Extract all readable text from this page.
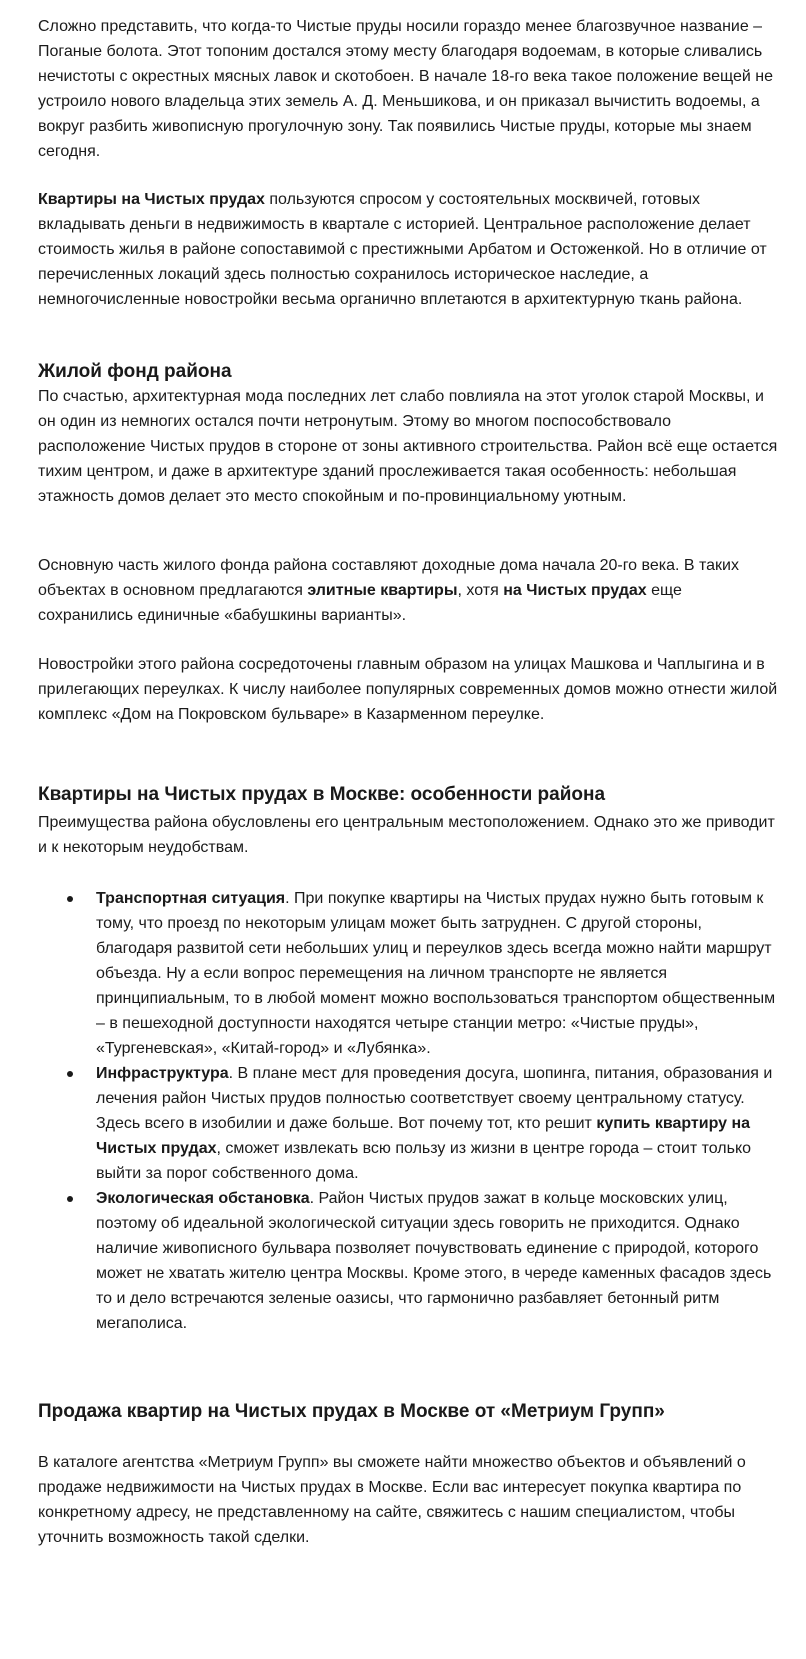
Сложно представить, что когда-то Чистые пруды носили гораздо менее благозвучное название – Поганые болота. Этот топоним достался этому месту благодаря водоемам, в которые сливались нечистоты с окрестных мясных лавок и скотобоен. В начале 18-го века такое положение вещей не устроило нового владельца этих земель А. Д. Меньшикова, и он приказал вычистить водоемы, а вокруг разбить живописную прогулочную зону. Так появились Чистые пруды, которые мы знаем сегодня.

Квартиры на Чистых прудах пользуются спросом у состоятельных москвичей, готовых вкладывать деньги в недвижимость в квартале с историей. Центральное расположение делает стоимость жилья в районе сопоставимой с престижными Арбатом и Остоженкой. Но в отличие от перечисленных локаций здесь полностью сохранилось историческое наследие, а немногочисленные новостройки весьма органично вплетаются в архитектурную ткань района.

Жилой фонд района

По счастью, архитектурная мода последних лет слабо повлияла на этот уголок старой Москвы, и он один из немногих остался почти нетронутым. Этому во многом поспособствовало расположение Чистых прудов в стороне от зоны активного строительства. Район всё еще остается тихим центром, и даже в архитектуре зданий прослеживается такая особенность: небольшая этажность домов делает это место спокойным и по-провинциальному уютным.

Основную часть жилого фонда района составляют доходные дома начала 20-го века. В таких объектах в основном предлагаются элитные квартиры, хотя на Чистых прудах еще сохранились единичные «бабушкины варианты».

Новостройки этого района сосредоточены главным образом на улицах Машкова и Чаплыгина и в прилегающих переулках. К числу наиболее популярных современных домов можно отнести жилой комплекс «Дом на Покровском бульваре» в Казарменном переулке.

Квартиры на Чистых прудах в Москве: особенности района

Преимущества района обусловлены его центральным местоположением. Однако это же приводит и к некоторым неудобствам.

Транспортная ситуация. При покупке квартиры на Чистых прудах нужно быть готовым к тому, что проезд по некоторым улицам может быть затруднен. С другой стороны, благодаря развитой сети небольших улиц и переулков здесь всегда можно найти маршрут объезда. Ну а если вопрос перемещения на личном транспорте не является принципиальным, то в любой момент можно воспользоваться транспортом общественным – в пешеходной доступности находятся четыре станции метро: «Чистые пруды», «Тургеневская», «Китай-город» и «Лубянка».
Инфраструктура. В плане мест для проведения досуга, шопинга, питания, образования и лечения район Чистых прудов полностью соответствует своему центральному статусу. Здесь всего в изобилии и даже больше. Вот почему тот, кто решит купить квартиру на Чистых прудах, сможет извлекать всю пользу из жизни в центре города – стоит только выйти за порог собственного дома.
Экологическая обстановка. Район Чистых прудов зажат в кольце московских улиц, поэтому об идеальной экологической ситуации здесь говорить не приходится. Однако наличие живописного бульвара позволяет почувствовать единение с природой, которого может не хватать жителю центра Москвы. Кроме этого, в череде каменных фасадов здесь то и дело встречаются зеленые оазисы, что гармонично разбавляет бетонный ритм мегаполиса.
Продажа квартир на Чистых прудах в Москве от «Метриум Групп»

В каталоге агентства «Метриум Групп» вы сможете найти множество объектов и объявлений о продаже недвижимости на Чистых прудах в Москве. Если вас интересует покупка квартира по конкретному адресу, не представленному на сайте, свяжитесь с нашим специалистом, чтобы уточнить возможность такой сделки.
